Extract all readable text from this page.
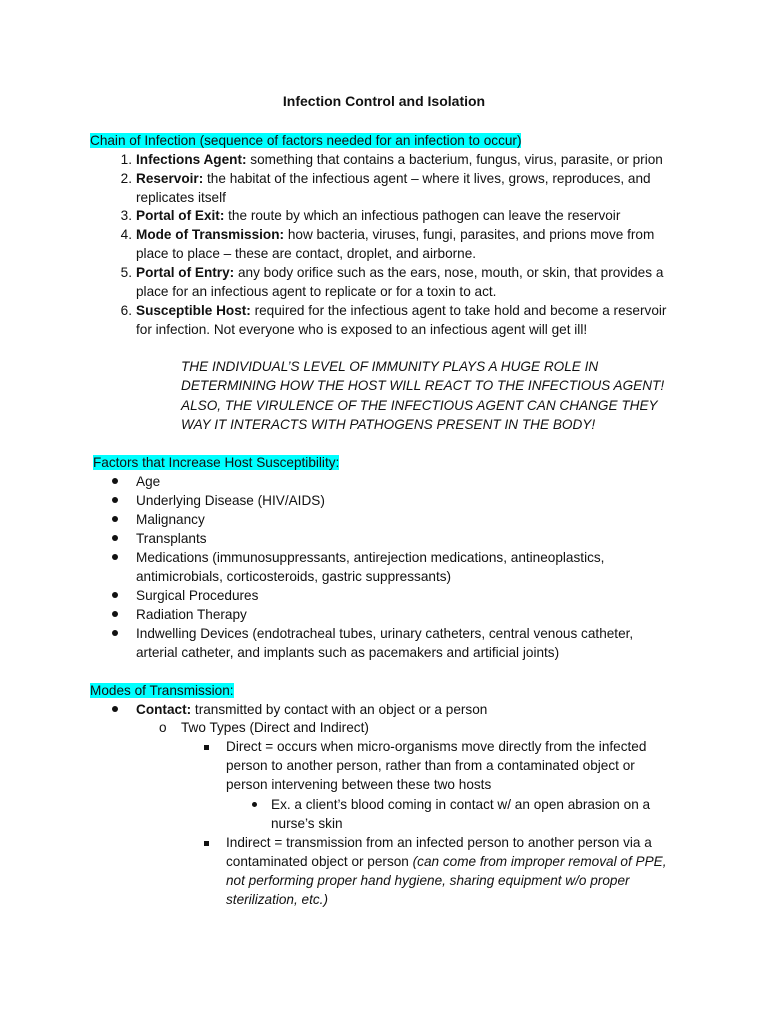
Infection Control and Isolation
Chain of Infection (sequence of factors needed for an infection to occur)
1. Infections Agent: something that contains a bacterium, fungus, virus, parasite, or prion
2. Reservoir: the habitat of the infectious agent – where it lives, grows, reproduces, and replicates itself
3. Portal of Exit: the route by which an infectious pathogen can leave the reservoir
4. Mode of Transmission: how bacteria, viruses, fungi, parasites, and prions move from place to place – these are contact, droplet, and airborne.
5. Portal of Entry: any body orifice such as the ears, nose, mouth, or skin, that provides a place for an infectious agent to replicate or for a toxin to act.
6. Susceptible Host: required for the infectious agent to take hold and become a reservoir for infection. Not everyone who is exposed to an infectious agent will get ill!
THE INDIVIDUAL’S LEVEL OF IMMUNITY PLAYS A HUGE ROLE IN DETERMINING HOW THE HOST WILL REACT TO THE INFECTIOUS AGENT! ALSO, THE VIRULENCE OF THE INFECTIOUS AGENT CAN CHANGE THEY WAY IT INTERACTS WITH PATHOGENS PRESENT IN THE BODY!
Factors that Increase Host Susceptibility:
Age
Underlying Disease (HIV/AIDS)
Malignancy
Transplants
Medications (immunosuppressants, antirejection medications, antineoplastics, antimicrobials, corticosteroids, gastric suppressants)
Surgical Procedures
Radiation Therapy
Indwelling Devices (endotracheal tubes, urinary catheters, central venous catheter, arterial catheter, and implants such as pacemakers and artificial joints)
Modes of Transmission:
Contact: transmitted by contact with an object or a person
o Two Types (Direct and Indirect)
Direct = occurs when micro-organisms move directly from the infected person to another person, rather than from a contaminated object or person intervening between these two hosts
Ex. a client’s blood coming in contact w/ an open abrasion on a nurse’s skin
Indirect = transmission from an infected person to another person via a contaminated object or person (can come from improper removal of PPE, not performing proper hand hygiene, sharing equipment w/o proper sterilization, etc.)
